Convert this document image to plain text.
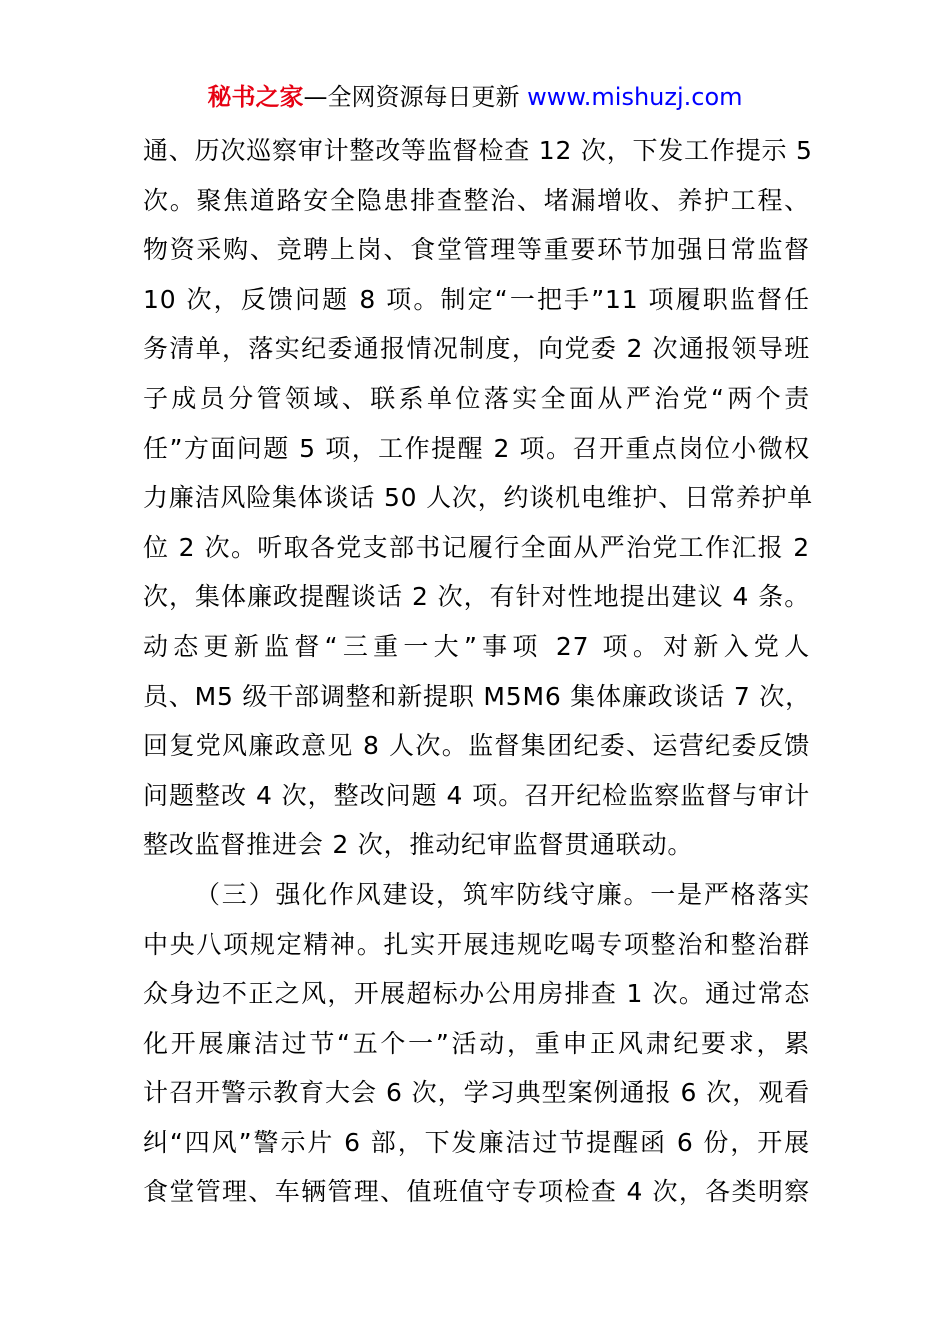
秘书之家—全网资源每日更新 www.mishuzj.com
通、历次巡察审计整改等监督检查 12 次，下发工作提示 5
次。聚焦道路安全隐患排查整治、堵漏增收、养护工程、
物资采购、竞聘上岗、食堂管理等重要环节加强日常监督
10 次，反馈问题 8 项。制定“一把手”11 项履职监督任
务清单，落实纪委通报情况制度，向党委 2 次通报领导班
子成员分管领域、联系单位落实全面从严治党“两个责
任”方面问题 5 项，工作提醒 2 项。召开重点岗位小微权
力廉洁风险集体谈话 50 人次，约谈机电维护、日常养护单
位 2 次。听取各党支部书记履行全面从严治党工作汇报 2
次，集体廉政提醒谈话 2 次，有针对性地提出建议 4 条。
动态更新监督“三重一大”事项 27 项。对新入党人
员、M5 级干部调整和新提职 M5M6 集体廉政谈话 7 次，
回复党风廉政意见 8 人次。监督集团纪委、运营纪委反馈
问题整改 4 次，整改问题 4 项。召开纪检监察监督与审计
整改监督推进会 2 次，推动纪审监督贯通联动。
（三）强化作风建设，筑牢防线守廉。一是严格落实
中央八项规定精神。扎实开展违规吃喝专项整治和整治群
众身边不正之风，开展超标办公用房排查 1 次。通过常态
化开展廉洁过节“五个一”活动，重申正风肃纪要求，累
计召开警示教育大会 6 次，学习典型案例通报 6 次，观看
纠“四风”警示片 6 部，下发廉洁过节提醒函 6 份，开展
食堂管理、车辆管理、值班值守专项检查 4 次，各类明察
